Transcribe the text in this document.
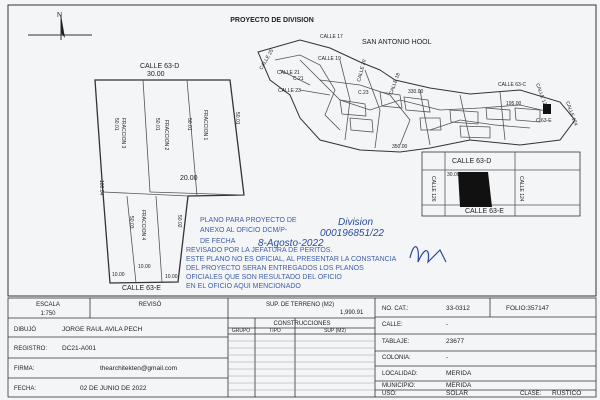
PROYECTO DE DIVISION
N
CALLE 63-D
30.00
20.00
10.00
10.00	10.00
CALLE 63-E
100.04
50.01
50.02
FRACCION 1
FRACCION 2
FRACCION 3
FRACCION 4
50.01
50.01
50.01
50.03
SAN ANTONIO HOOL
CALLE 17
CALLE 19
CALLE 21
CALLE 23
CALLE 25
CALLE 18
CALLE 20
CALLE 63-C
CALLE 124
CALLE 126
C.21
C.23	330.00
195.00
350.00
C.63-E
CALLE 63-D
CALLE 63-E
CALLE 126	CALLE 124
30.00
PLANO PARA PROYECTO DE
ANEXO AL OFICIO DCM/P-
DE FECHA
REVISADO POR LA JEFATURA DE PERITOS.
ESTE PLANO NO ES OFICIAL, AL PRESENTAR LA CONSTANCIA
DEL PROYECTO SERAN ENTREGADOS LOS PLANOS
OFICIALES QUE SON RESULTADO DEL OFICIO
EN EL OFICIO AQUI MENCIONADO
Division
000196851/22
8-Agosto-2022
ESCALA
1:750
REVISÓ	SUP. DE TERRENO (M2)
1,990.91
CONSTRUCCIONES
GRUPO	TIPO	SUP (M2)
DIBUJÓ	JORGE RAUL AVILA PECH
REGISTRO: DC21-A001
FIRMA:	thearchitekten@gmail.com
FECHA:	02 DE JUNIO DE 2022
NO. CAT.:	33-0312	FOLIO:357147
CALLE:	-
TABLAJE:	23677
COLONIA:	-
LOCALIDAD:	MERIDA
MUNICIPIO:	MERIDA
USO:	SOLAR	CLASE: RUSTICO
